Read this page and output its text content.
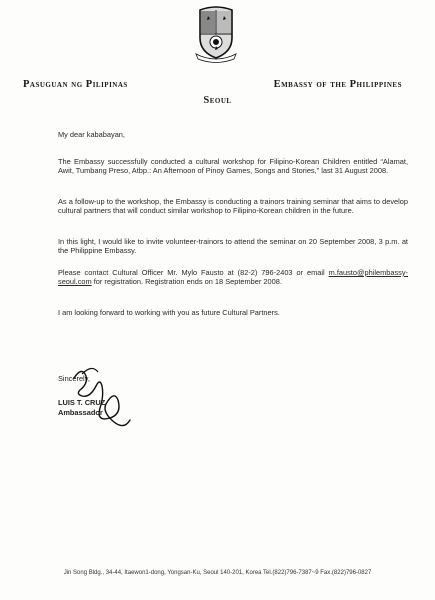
Pasuguan ng Pilipinas	Embassy of the Philippines
Seoul

My dear kababayan,

The Embassy successfully conducted a cultural workshop for Filipino-Korean Children entitled “Alamat, Awit, Tumbang Preso, Atbp.: An Afternoon of Pinoy Games, Songs and Stories,” last 31 August 2008.

As a follow-up to the workshop, the Embassy is conducting a trainors training seminar that aims to develop cultural partners that will conduct similar workshop to Filipino-Korean children in the future.

In this light, I would like to invite volunteer-trainors to attend the seminar on 20 September 2008, 3 p.m. at the Philippine Embassy.

Please contact Cultural Officer Mr. Mylo Fausto at (82-2) 796-2403 or email m.fausto@philembassy-seoul.com for registration. Registration ends on 18 September 2008.

I am looking forward to working with you as future Cultural Partners.

Sincerely,
LUIS T. CRUZ
Ambassador
Jin Song Bldg., 34-44, Itaewon1-dong, Yongsan-Ku, Seoul 140-201, Korea Tel.(822)796-7387~9 Fax.(822)796-0827
